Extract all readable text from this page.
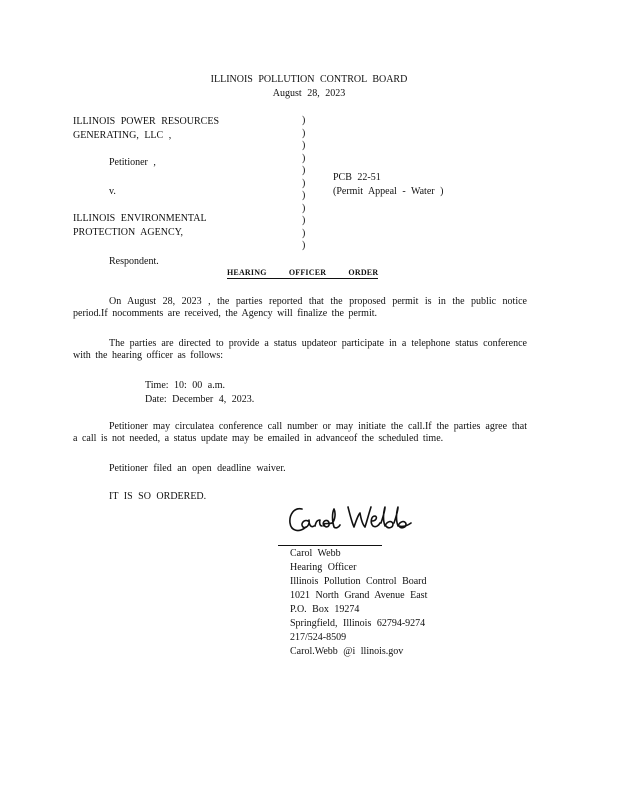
ILLINOIS POLLUTION CONTROL BOARD
August 28, 2023
ILLINOIS POWER RESOURCES
GENERATING, LLC ,
Petitioner ,
v.
ILLINOIS ENVIRONMENTAL
PROTECTION AGENCY,
Respondent.
)
)
)
)
)
)
)
)
)
)
)
PCB 22-51
(Permit Appeal - Water )
HEARING OFFICER ORDER
On August 28, 2023 , the parties reported that the proposed permit is in the public notice period.If nocomments are received, the Agency will finalize the permit.
The parties are directed to provide a status updateor participate in a telephone status conference with the hearing officer as follows:
Time: 10: 00 a.m.
Date: December 4, 2023.
Petitioner may circulatea conference call number or may initiate the call.If the parties agree that a call is not needed, a status update may be emailed in advanceof the scheduled time.
Petitioner filed an open deadline waiver.
IT IS SO ORDERED.
Carol Webb
Hearing Officer
Illinois Pollution Control Board
1021 North Grand Avenue East
P.O. Box 19274
Springfield, Illinois 62794-9274
217/524-8509
Carol.Webb @i llinois.gov
